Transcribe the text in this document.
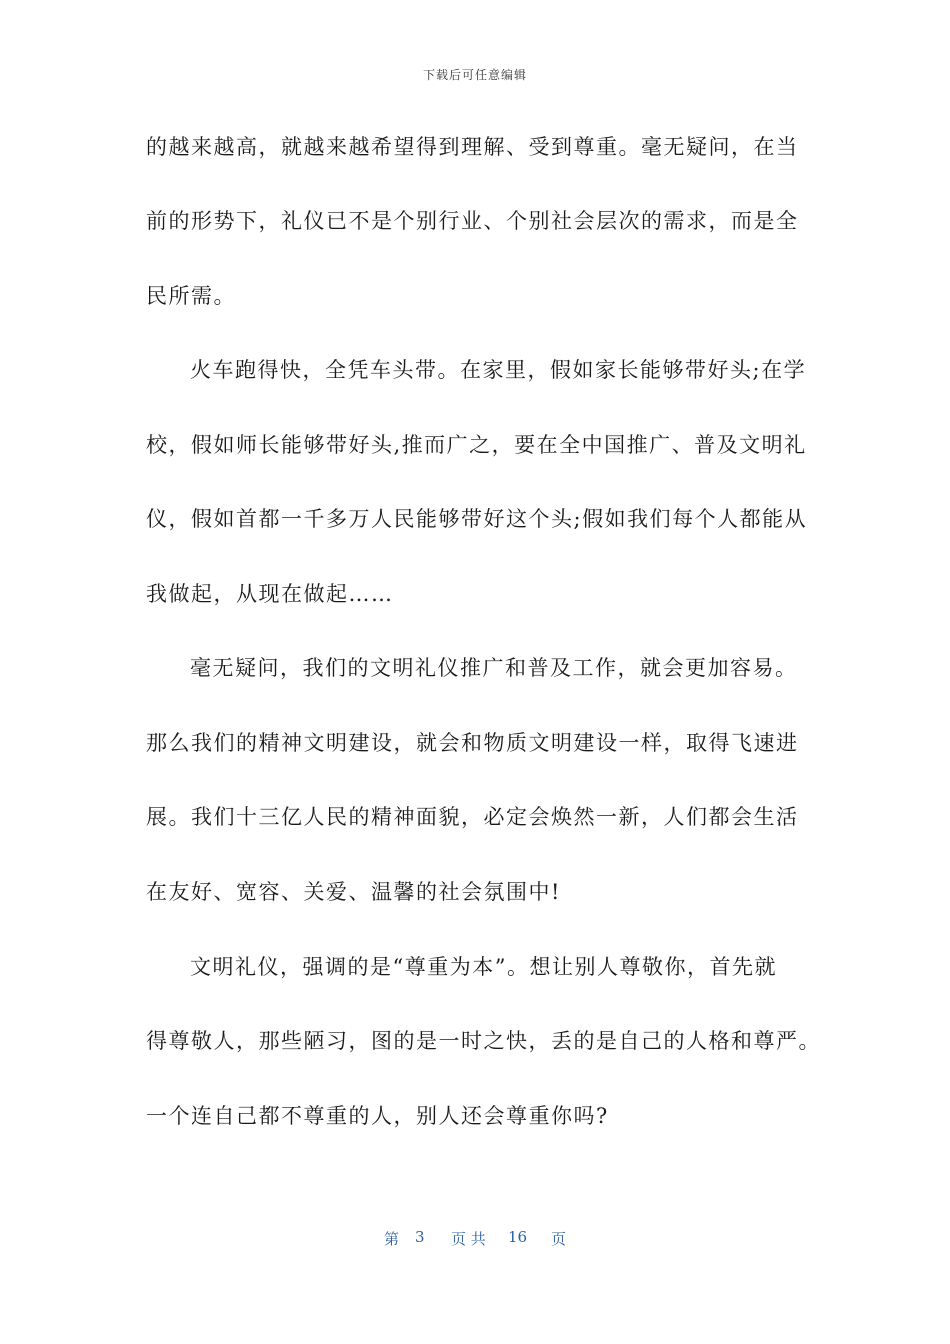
下载后可任意编辑
的越来越高，就越来越希望得到理解、受到尊重。毫无疑问，在当
前的形势下，礼仪已不是个别行业、个别社会层次的需求，而是全
民所需。
火车跑得快，全凭车头带。在家里，假如家长能够带好头;在学
校，假如师长能够带好头,推而广之，要在全中国推广、普及文明礼
仪，假如首都一千多万人民能够带好这个头;假如我们每个人都能从
我做起，从现在做起……
毫无疑问，我们的文明礼仪推广和普及工作，就会更加容易。
那么我们的精神文明建设，就会和物质文明建设一样，取得飞速进
展。我们十三亿人民的精神面貌，必定会焕然一新，人们都会生活
在友好、宽容、关爱、温馨的社会氛围中!
文明礼仪，强调的是“尊重为本”。想让别人尊敬你，首先就
得尊敬人，那些陋习，图的是一时之快，丢的是自己的人格和尊严。
一个连自己都不尊重的人，别人还会尊重你吗?
第 3 页 共 16 页
